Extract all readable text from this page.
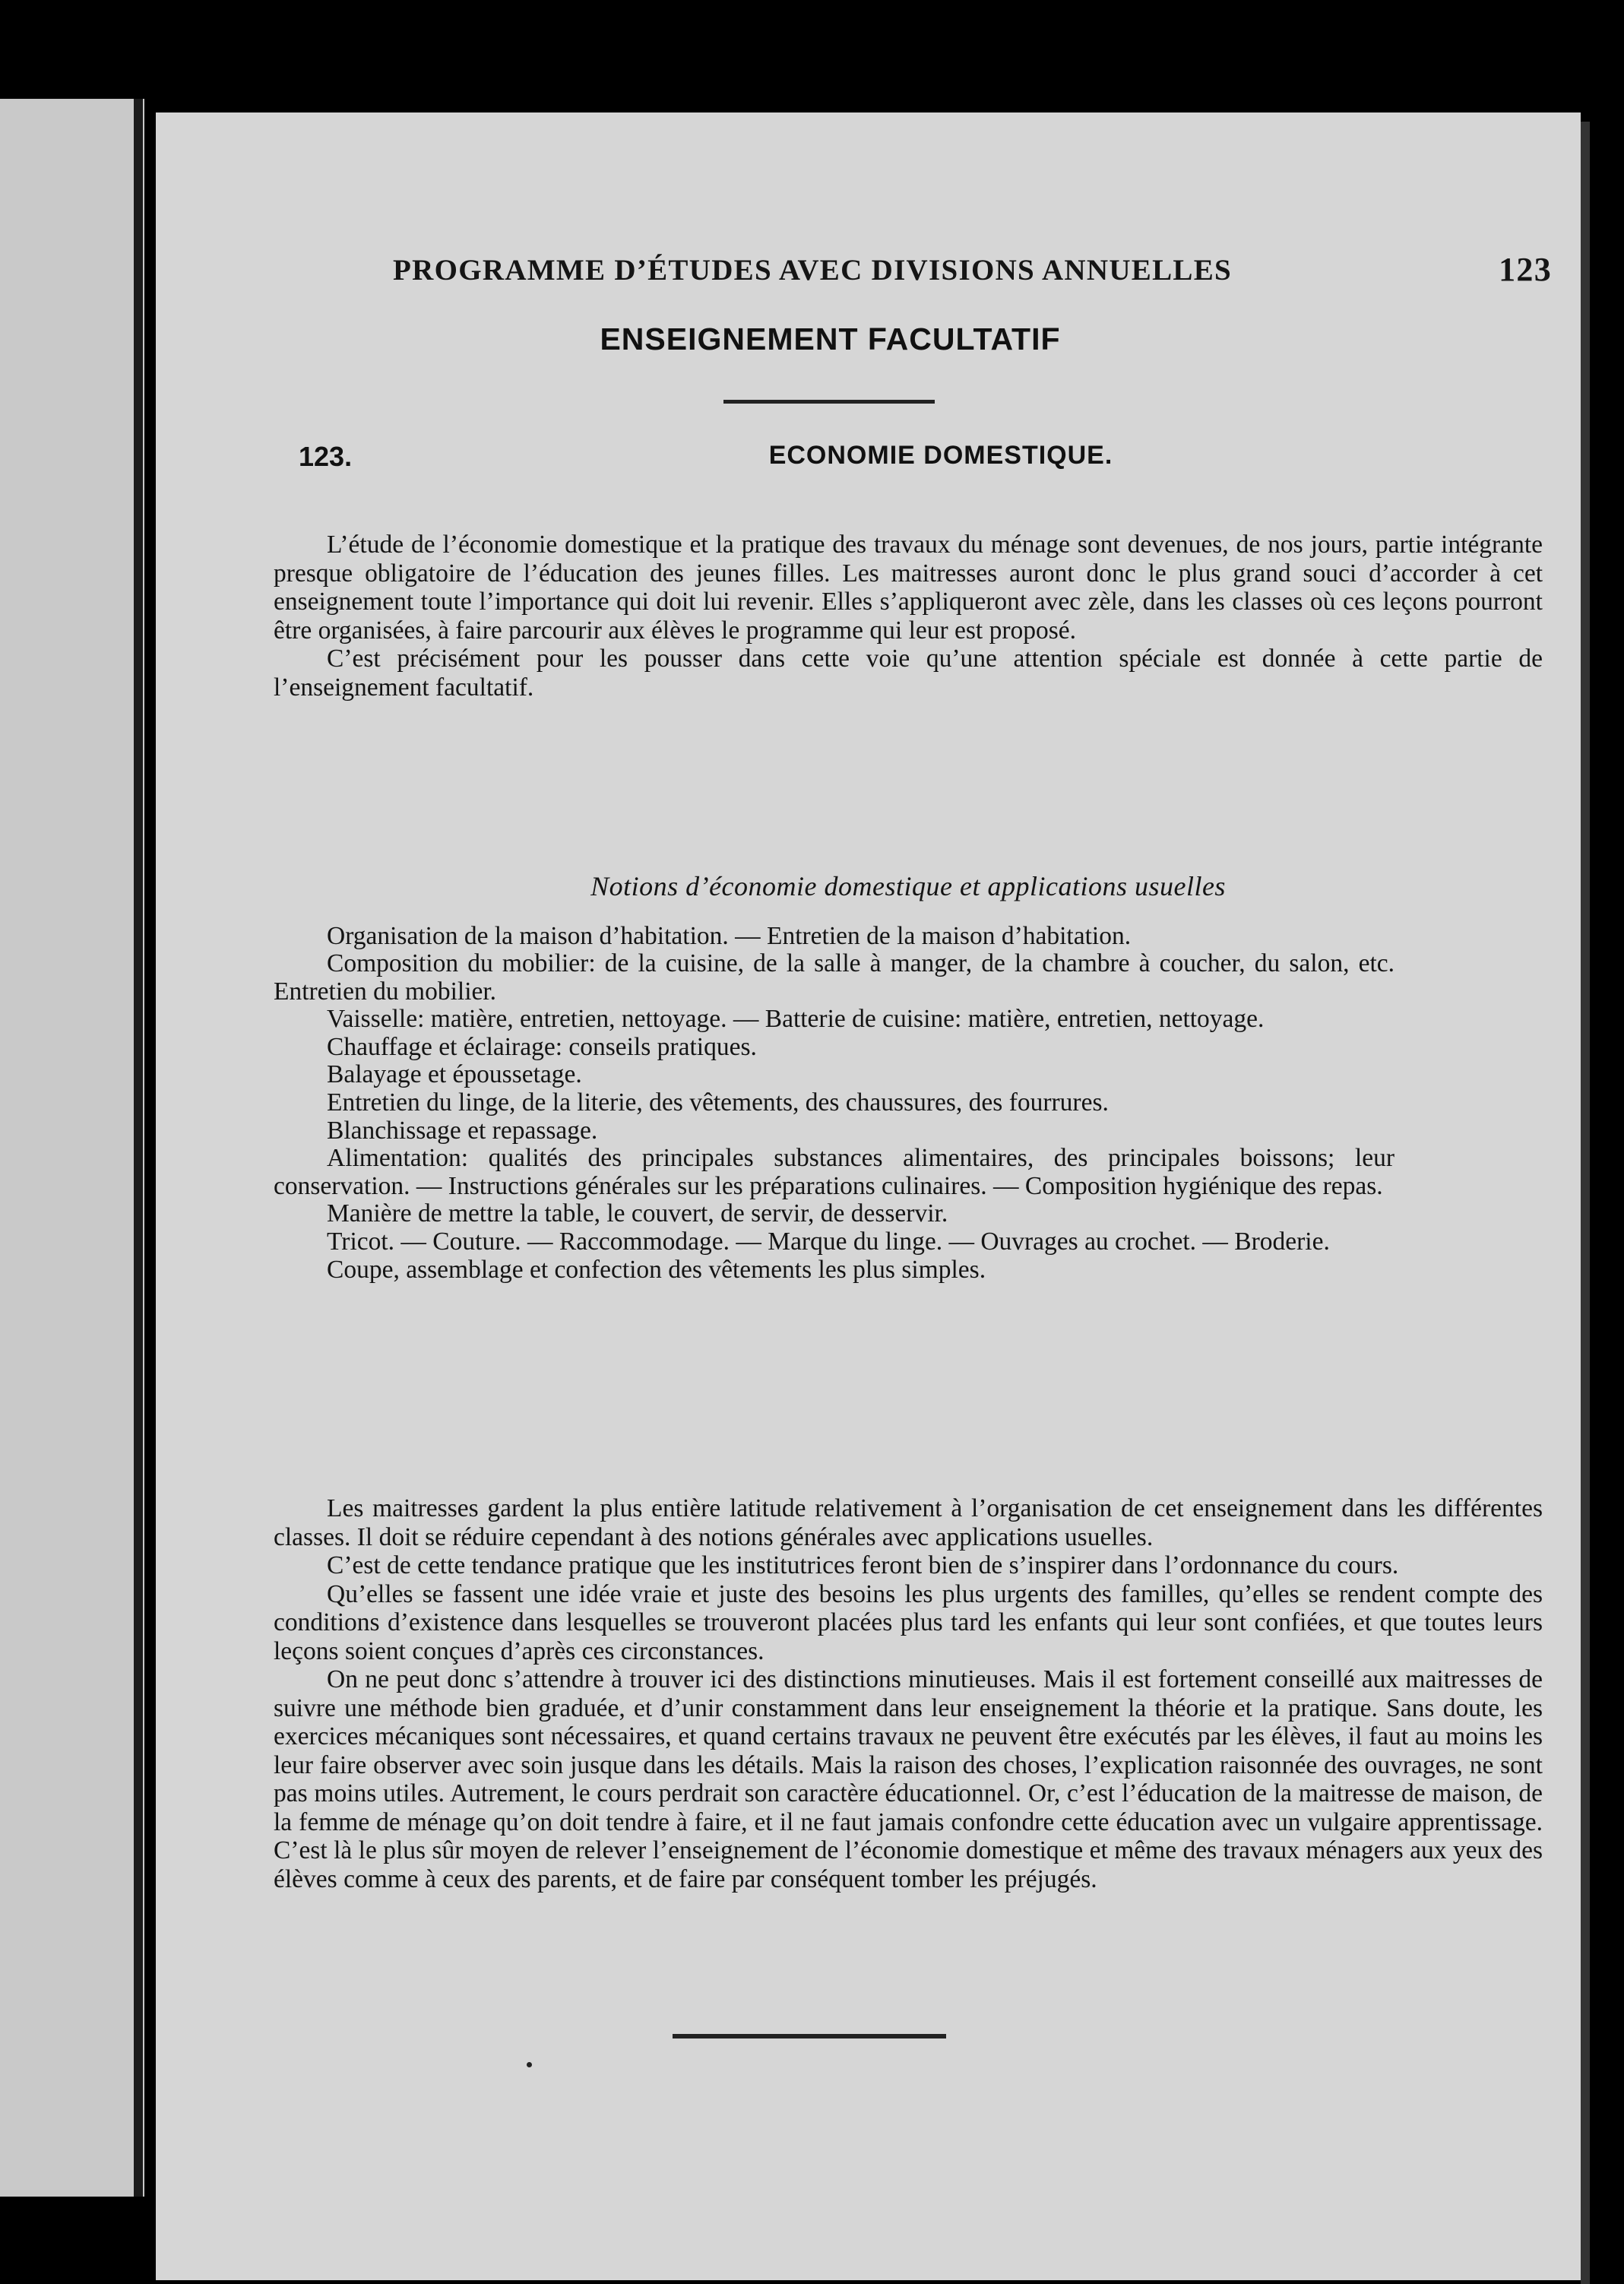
PROGRAMME D’ÉTUDES AVEC DIVISIONS ANNUELLES	123
ENSEIGNEMENT FACULTATIF
123.	ECONOMIE DOMESTIQUE.

L’étude de l’économie domestique et la pratique des travaux du ménage sont devenues, de nos jours, partie intégrante presque obligatoire de l’éducation des jeunes filles. Les maitresses auront donc le plus grand souci d’accorder à cet enseignement toute l’importance qui doit lui revenir. Elles s’appliqueront avec zèle, dans les classes où ces leçons pourront être organisées, à faire parcourir aux élèves le programme qui leur est proposé.

C’est précisément pour les pousser dans cette voie qu’une attention spéciale est donnée à cette partie de l’enseignement facultatif.

Notions d’économie domestique et applications usuelles

Organisation de la maison d’habitation. — Entretien de la maison d’habitation.

Composition du mobilier: de la cuisine, de la salle à manger, de la chambre à coucher, du salon, etc. Entretien du mobilier.

Vaisselle: matière, entretien, nettoyage. — Batterie de cuisine: matière, entretien, nettoyage.

Chauffage et éclairage: conseils pratiques.

Balayage et époussetage.

Entretien du linge, de la literie, des vêtements, des chaussures, des fourrures.

Blanchissage et repassage.

Alimentation: qualités des principales substances alimentaires, des principales boissons; leur conservation. — Instructions générales sur les préparations culinaires. — Composition hygiénique des repas.

Manière de mettre la table, le couvert, de servir, de desservir.

Tricot. — Couture. — Raccommodage. — Marque du linge. — Ouvrages au crochet. — Broderie.

Coupe, assemblage et confection des vêtements les plus simples.

Les maitresses gardent la plus entière latitude relativement à l’organisation de cet enseignement dans les différentes classes. Il doit se réduire cependant à des notions générales avec applications usuelles.

C’est de cette tendance pratique que les institutrices feront bien de s’inspirer dans l’ordonnance du cours.

Qu’elles se fassent une idée vraie et juste des besoins les plus urgents des familles, qu’elles se rendent compte des conditions d’existence dans lesquelles se trouveront placées plus tard les enfants qui leur sont confiées, et que toutes leurs leçons soient conçues d’après ces circonstances.

On ne peut donc s’attendre à trouver ici des distinctions minutieuses. Mais il est fortement conseillé aux maitresses de suivre une méthode bien graduée, et d’unir constamment dans leur enseignement la théorie et la pratique. Sans doute, les exercices mécaniques sont nécessaires, et quand certains travaux ne peuvent être exécutés par les élèves, il faut au moins les leur faire observer avec soin jusque dans les détails. Mais la raison des choses, l’explication raisonnée des ouvrages, ne sont pas moins utiles. Autrement, le cours perdrait son caractère éducationnel. Or, c’est l’éducation de la maitresse de maison, de la femme de ménage qu’on doit tendre à faire, et il ne faut jamais confondre cette éducation avec un vulgaire apprentissage. C’est là le plus sûr moyen de relever l’enseignement de l’économie domestique et même des travaux ménagers aux yeux des élèves comme à ceux des parents, et de faire par conséquent tomber les préjugés.
